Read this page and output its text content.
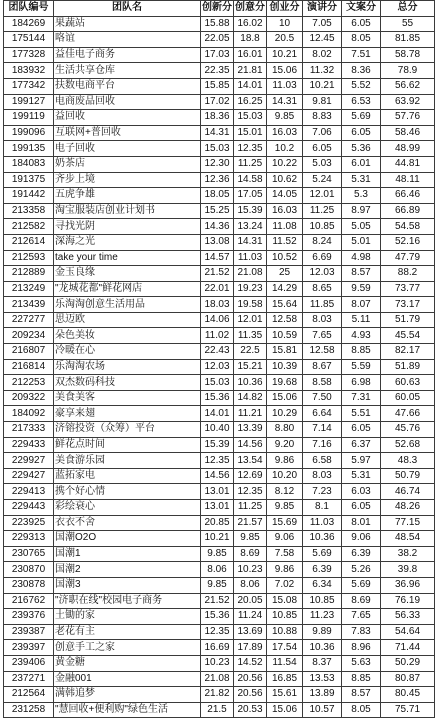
团队编号	团队名	创新分	创意分	创业分	演讲分	文案分	总分
184269	果蔬站	15.88	16.02	10	7.05	6.05	55
175144	咯谊	22.05	18.8	20.5	12.45	8.05	81.85
177328	益佳电子商务	17.03	16.01	10.21	8.02	7.51	58.78
183932	生活共享仓库	22.35	21.81	15.06	11.32	8.36	78.9
177342	扶数电商平台	15.85	14.01	11.03	10.21	5.52	56.62
199127	电商废品回收	17.02	16.25	14.31	9.81	6.53	63.92
199119	益回收	18.36	15.03	9.85	8.83	5.69	57.76
199096	互联网+普回收	14.31	15.01	16.03	7.06	6.05	58.46
199135	电子回收	15.03	12.35	10.2	6.05	5.36	48.99
184083	奶茶店	12.30	11.25	10.22	5.03	6.01	44.81
191375	齐步上境	12.36	14.58	10.62	5.24	5.31	48.11
191442	五虎争雄	18.05	17.05	14.05	12.01	5.3	66.46
213358	淘宝服装店创业计划书	15.25	15.39	16.03	11.25	8.97	66.89
212582	寻找光阴	14.36	13.24	11.08	10.85	5.05	54.58
212614	深海之光	13.08	14.31	11.52	8.24	5.01	52.16
212593	take your time	14.57	11.03	10.52	6.69	4.98	47.79
212889	金玉良缘	21.52	21.08	25	12.03	8.57	88.2
213249	"龙城花都"鲜花网店	22.01	19.23	14.29	8.65	9.59	73.77
213439	乐淘淘创意生活用品	18.03	19.58	15.64	11.85	8.07	73.17
227277	思迈欧	14.06	12.01	12.58	8.03	5.11	51.79
209234	朵色美妆	11.02	11.35	10.59	7.65	4.93	45.54
216807	冷暖在心	22.43	22.5	15.81	12.58	8.85	82.17
216814	乐淘淘农场	12.03	15.21	10.39	8.67	5.59	51.89
212253	双杰数码科技	15.03	10.36	19.68	8.58	6.98	60.63
209322	美食美客	15.36	14.82	15.06	7.50	7.31	60.05
184092	豪享来翅	14.01	11.21	10.29	6.64	5.51	47.66
217333	济镕投资（众筹）平台	10.40	13.39	8.80	7.14	6.05	45.76
229433	鲜花点时间	15.39	14.56	9.20	7.16	6.37	52.68
229927	美食游乐园	12.35	13.54	9.86	6.58	5.97	48.3
229427	蓝拓家电	14.56	12.69	10.20	8.03	5.31	50.79
229413	携个好心情	13.01	12.35	8.12	7.23	6.03	46.74
229443	彩绘衰心	13.01	11.25	9.85	8.1	6.05	48.26
223925	衣衣不舍	20.85	21.57	15.69	11.03	8.01	77.15
229313	国潮O2O	10.21	9.85	9.06	10.36	9.06	48.54
230765	国潮1	9.85	8.69	7.58	5.69	6.39	38.2
230870	国潮2	8.06	10.23	9.86	6.39	5.26	39.8
230878	国潮3	9.85	8.06	7.02	6.34	5.69	36.96
216762	"济职在线"校园电子商务	21.52	20.05	15.08	10.85	8.69	76.19
239376	土锄的家	15.36	11.24	10.85	11.23	7.65	56.33
239387	老花有主	12.35	13.69	10.88	9.89	7.83	54.64
239397	创意手工之家	16.69	17.89	17.54	10.36	8.96	71.44
239406	黄金糖	10.23	14.52	11.54	8.37	5.63	50.29
237271	金融001	21.08	20.56	16.85	13.53	8.85	80.87
212564	满韩追梦	21.82	20.56	15.61	13.89	8.57	80.45
231258	"慧回收+便利购"绿色生活	21.5	20.53	15.06	10.57	8.05	75.71
